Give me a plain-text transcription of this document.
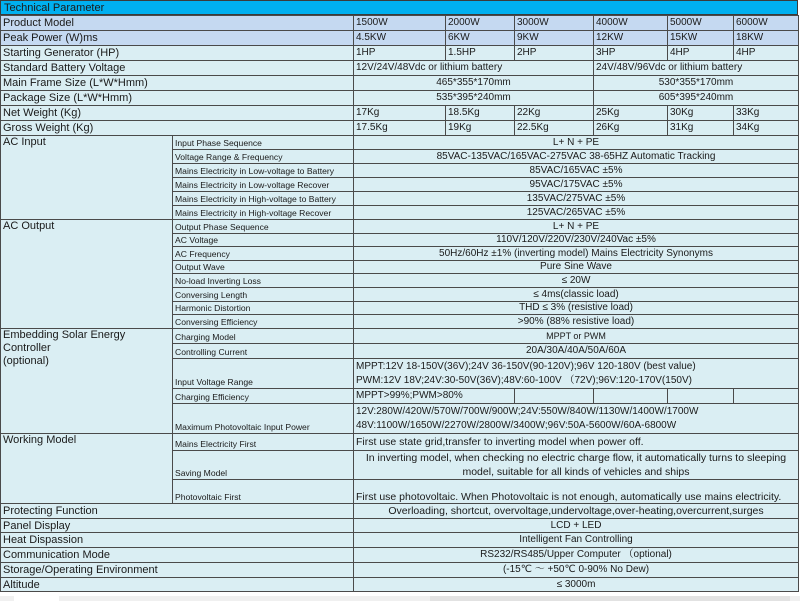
Technical Parameter
Product Model		1500W	2000W	3000W	4000W	5000W	6000W
Peak Power (W)ms		4.5KW	6KW	9KW	12KW	15KW	18KW
Starting Generator (HP)		1HP	1.5HP	2HP	3HP	4HP	4HP
Standard Battery Voltage		12V/24V/48Vdc or lithium battery			24V/48V/96Vdc or lithium battery		
Main Frame Size (L*W*Hmm)		465*355*170mm			530*355*170mm		
Package Size (L*W*Hmm)		535*395*240mm			605*395*240mm		
Net Weight (Kg)		17Kg	18.5Kg	22Kg	25Kg	30Kg	33Kg
Gross Weight (Kg)		17.5Kg	19Kg	22.5Kg	26Kg	31Kg	34Kg
AC Input	Input Phase Sequence	L+ N + PE					
	Voltage Range & Frequency	85VAC-135VAC/165VAC-275VAC 38-65HZ Automatic Tracking					
	Mains Electricity in Low-voltage to Battery	85VAC/165VAC ±5%					
	Mains Electricity in Low-voltage Recover	95VAC/175VAC ±5%					
	Mains Electricity in High-voltage to Battery	135VAC/275VAC ±5%					
	Mains Electricity in High-voltage Recover	125VAC/265VAC ±5%					
AC Output	Output Phase Sequence	L+ N + PE					
	AC Voltage	110V/120V/220V/230V/240Vac ±5%					
	AC Frequency	50Hz/60Hz ±1% (inverting model) Mains Electricity Synonyms					
	Output Wave	Pure Sine Wave					
	No-load Inverting Loss	≤ 20W					
	Conversing Length	≤ 4ms(classic load)					
	Harmonic Distortion	THD ≤ 3% (resistive load)					
	Conversing Efficiency	>90% (88% resistive load)					

Embedding Solar Energy Controller
(optional)	Charging Model	MPPT or PWM					
	Controlling Current	20A/30A/40A/50A/60A					
	Input Voltage Range	MPPT:12V 18-150V(36V);24V 36-150V(90-120V);96V 120-180V (best value)
PWM:12V 18V;24V:30-50V(36V);48V:60-100V （72V);96V:120-170V(150V)					

	Charging Efficiency	MPPT>99%;PWM>80%					
	Maximum Photovoltaic Input Power	12V:280W/420W/570W/700W/900W;24V:550W/840W/1130W/1400W/1700W
48V:1100W/1650W/2270W/2800W/3400W;96V:50A-5600W/60A-6800W					

Working Model	Mains Electricity First	First use state grid,transfer to inverting model when power off.					
	Saving Model	In inverting model, when checking no electric charge flow, it automatically turns to sleeping model, suitable for all kinds of vehicles and ships					
	Photovoltaic First	First use photovoltaic. When Photovoltaic is not enough, automatically use mains electricity.					
Protecting Function		Overloading, shortcut, overvoltage,undervoltage,over-heating,overcurrent,surges					
Panel Display		LCD + LED					
Heat Dispassion		Intelligent Fan Controlling					
Communication Mode		RS232/RS485/Upper Computer （optional)					
Storage/Operating Environment		(-15℃ ～ +50℃ 0-90% No Dew)					
Altitude		≤ 3000m					
